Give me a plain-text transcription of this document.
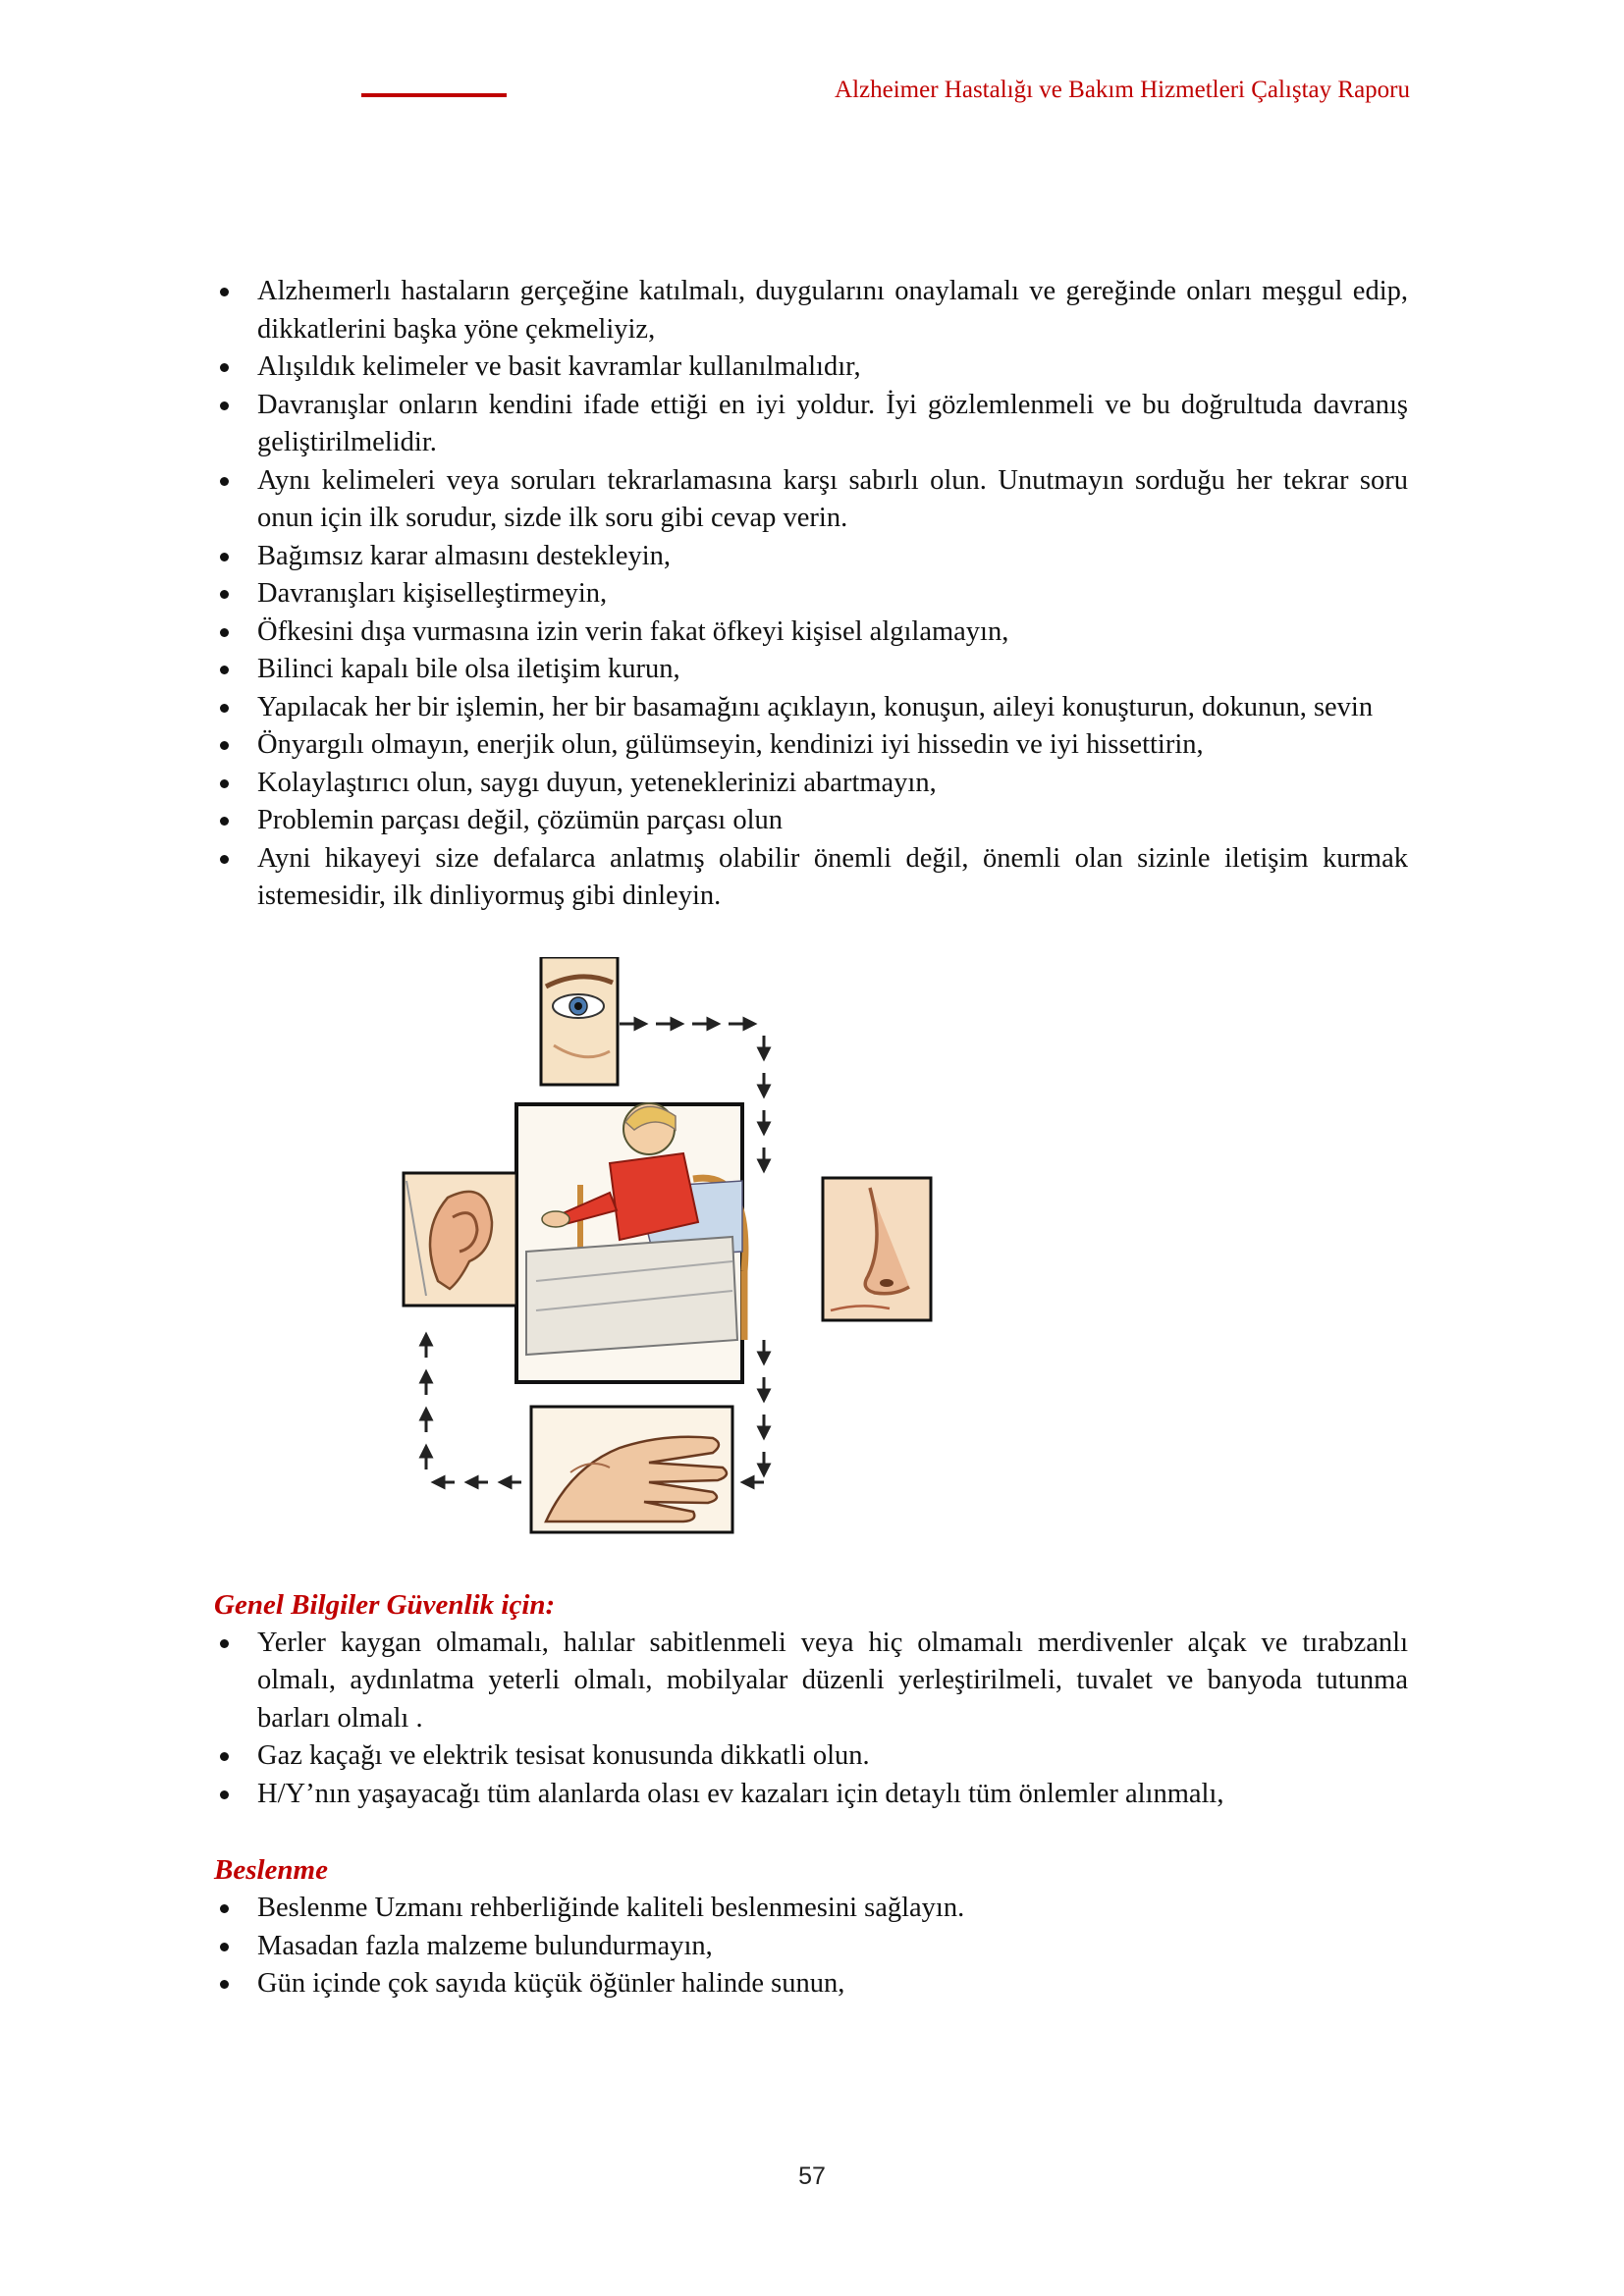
Alzheimer Hastalığı ve Bakım Hizmetleri Çalıştay Raporu
Alzheımerlı hastaların gerçeğine katılmalı, duygularını onaylamalı ve gereğinde onları meşgul edip, dikkatlerini başka yöne çekmeliyiz,
Alışıldık kelimeler ve basit kavramlar kullanılmalıdır,
Davranışlar onların kendini ifade ettiği en iyi yoldur. İyi gözlemlenmeli ve bu doğrultuda davranış geliştirilmelidir.
Aynı kelimeleri veya soruları tekrarlamasına karşı sabırlı olun. Unutmayın sorduğu her tekrar soru onun için ilk sorudur, sizde ilk soru gibi cevap verin.
Bağımsız karar almasını destekleyin,
Davranışları kişiselleştirmeyin,
Öfkesini dışa vurmasına izin verin fakat öfkeyi kişisel algılamayın,
Bilinci kapalı bile olsa iletişim kurun,
Yapılacak her bir işlemin, her bir basamağını açıklayın, konuşun, aileyi konuşturun, dokunun, sevin
Önyargılı olmayın, enerjik olun, gülümseyin, kendinizi iyi hissedin ve iyi hissettirin,
Kolaylaştırıcı olun, saygı duyun, yeteneklerinizi abartmayın,
Problemin parçası değil, çözümün parçası olun
Ayni hikayeyi size defalarca anlatmış olabilir önemli değil, önemli olan sizinle iletişim kurmak istemesidir, ilk dinliyormuş gibi dinleyin.
Genel Bilgiler Güvenlik için:
Yerler kaygan olmamalı, halılar sabitlenmeli veya hiç olmamalı merdivenler alçak ve tırabzanlı olmalı, aydınlatma yeterli olmalı, mobilyalar düzenli yerleştirilmeli, tuvalet ve banyoda tutunma barları olmalı .
Gaz kaçağı ve elektrik tesisat konusunda dikkatli olun.
H/Y’nın yaşayacağı tüm alanlarda olası ev kazaları için detaylı tüm önlemler alınmalı,
Beslenme
Beslenme Uzmanı rehberliğinde kaliteli beslenmesini sağlayın.
Masadan fazla malzeme bulundurmayın,
Gün içinde çok sayıda küçük öğünler halinde sunun,
57
